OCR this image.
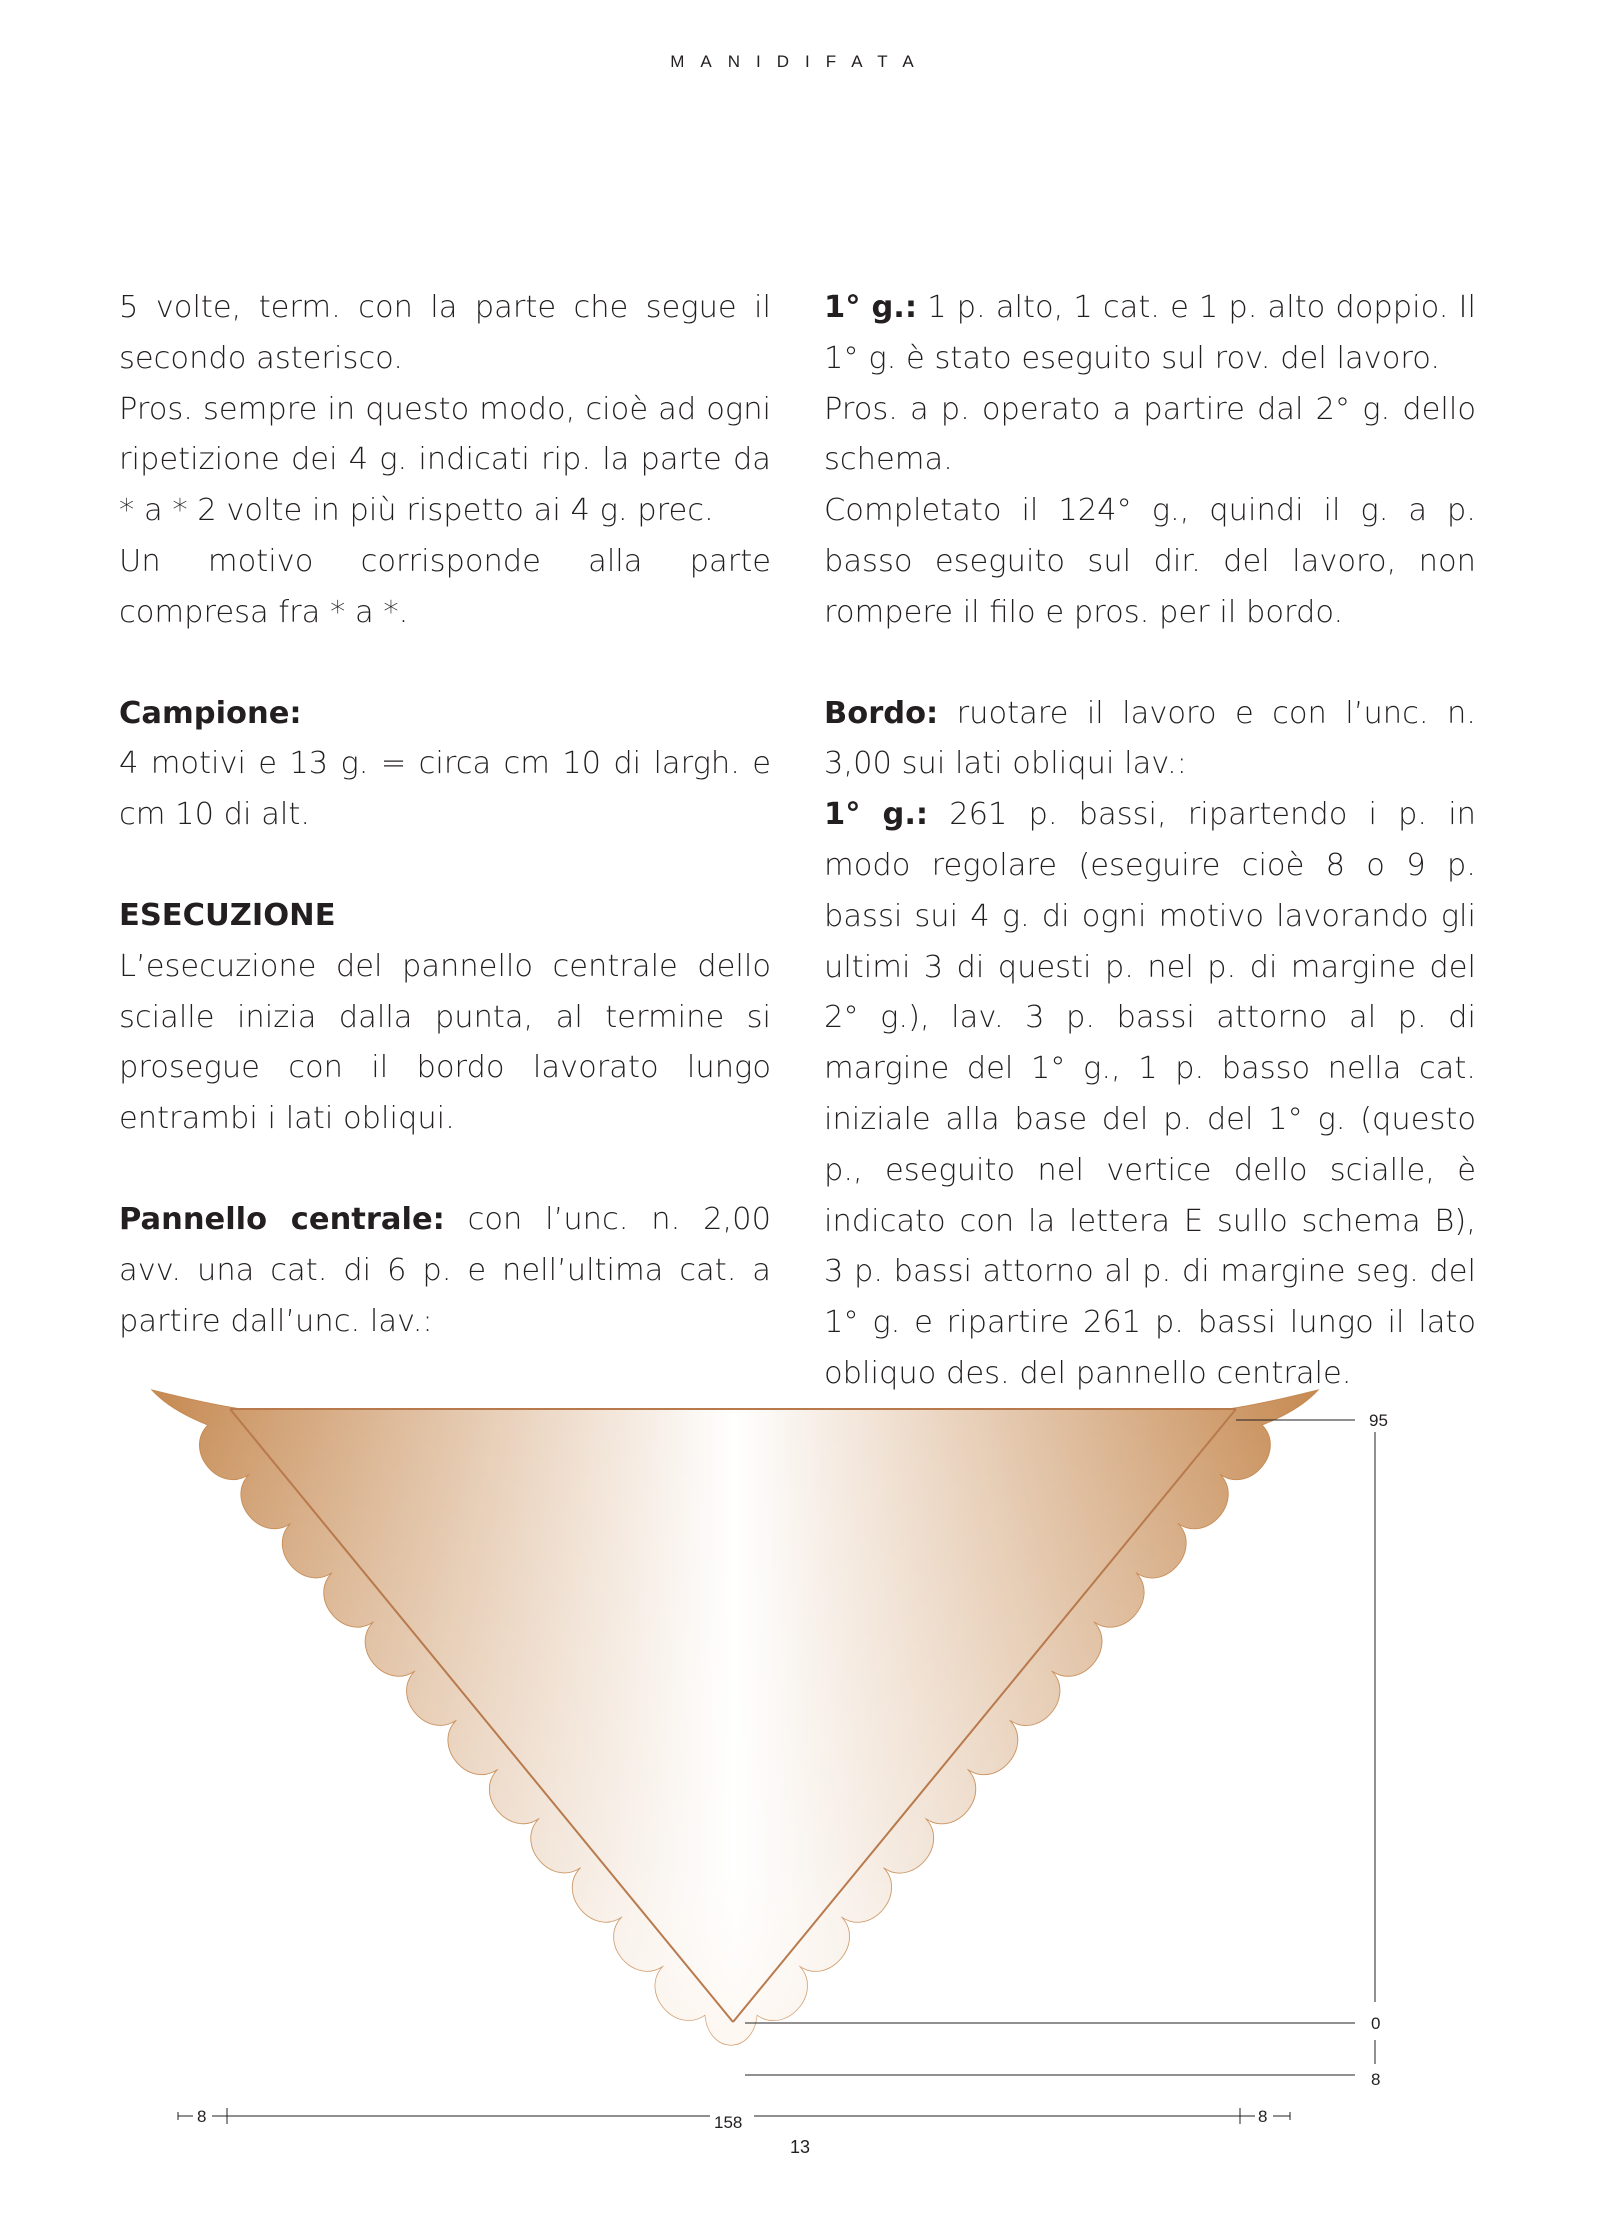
MANIDIFATA

5 volte, term. con la parte che segue il secondo asterisco.

Pros. sempre in questo modo, cioè ad ogni ripetizione dei 4 g. indicati rip. la parte da * a * 2 volte in più rispetto ai 4 g. prec.

Un motivo corrisponde alla parte compresa fra * a *.

Campione:

4 motivi e 13 g. = circa cm 10 di largh. e cm 10 di alt.

ESECUZIONE

L’esecuzione del pannello centrale dello scialle inizia dalla punta, al termine si prosegue con il bordo lavorato lungo entrambi i lati obliqui.

Pannello centrale: con l’unc. n. 2,00 avv. una cat. di 6 p. e nell’ultima cat. a partire dall’unc. lav.:

1° g.: 1 p. alto, 1 cat. e 1 p. alto doppio. Il 1° g. è stato eseguito sul rov. del lavoro.

Pros. a p. operato a partire dal 2° g. dello schema.

Completato il 124° g., quindi il g. a p. basso eseguito sul dir. del lavoro, non rompere il filo e pros. per il bordo.

Bordo: ruotare il lavoro e con l’unc. n. 3,00 sui lati obliqui lav.:

1° g.: 261 p. bassi, ripartendo i p. in modo regolare (eseguire cioè 8 o 9 p. bassi sui 4 g. di ogni motivo lavorando gli ultimi 3 di questi p. nel p. di margine del 2° g.), lav. 3 p. bassi attorno al p. di margine del 1° g., 1 p. basso nella cat. iniziale alla base del p. del 1° g. (questo p., eseguito nel vertice dello scialle, è indicato con la lettera E sullo schema B), 3 p. bassi attorno al p. di margine seg. del 1° g. e ripartire 261 p. bassi lungo il lato obliquo des. del pannello centrale.

95
0
8
8	158	8
13
